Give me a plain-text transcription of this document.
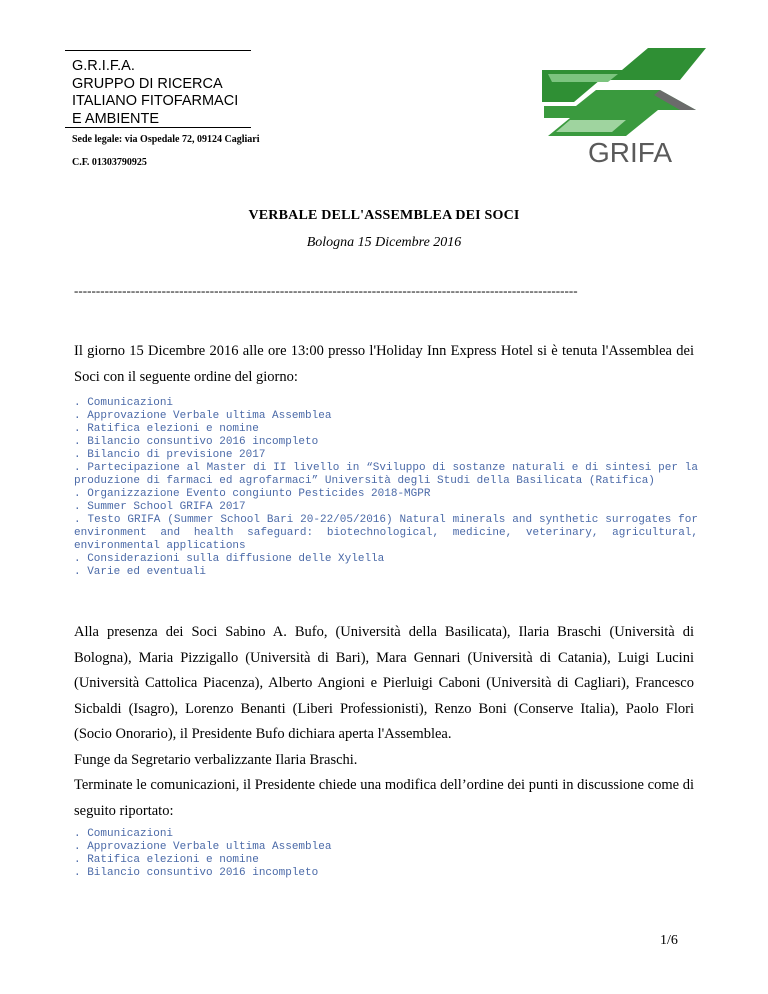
G.R.I.F.A.
GRUPPO DI RICERCA
ITALIANO FITOFARMACI
E AMBIENTE
Sede legale: via Ospedale 72, 09124 Cagliari
C.F. 01303790925	GRIFA
VERBALE DELL'ASSEMBLEA DEI SOCI
Bologna 15 Dicembre 2016
-------------------------------------------------------------------------------------------------------------------

Il giorno 15 Dicembre 2016 alle ore 13:00 presso l'Holiday Inn Express Hotel si è tenuta l'Assemblea dei Soci con il seguente ordine del giorno:

. Comunicazioni
. Approvazione Verbale ultima Assemblea
. Ratifica elezioni e nomine
. Bilancio consuntivo 2016 incompleto
. Bilancio di previsione 2017
. Partecipazione al Master di II livello in “Sviluppo di sostanze naturali e di sintesi per la produzione di farmaci ed agrofarmaci” Università degli Studi della Basilicata (Ratifica)
. Organizzazione Evento congiunto Pesticides 2018-MGPR
. Summer School GRIFA 2017
. Testo GRIFA (Summer School Bari 20-22/05/2016) Natural minerals and synthetic surrogates for environment and health safeguard: biotechnological, medicine, veterinary, agricultural, environmental applications
. Considerazioni sulla diffusione delle Xylella
. Varie ed eventuali

Alla presenza dei Soci Sabino A. Bufo, (Università della Basilicata), Ilaria Braschi (Università di Bologna), Maria Pizzigallo (Università di Bari), Mara Gennari (Università di Catania), Luigi Lucini (Università Cattolica Piacenza), Alberto Angioni e Pierluigi Caboni (Università di Cagliari), Francesco Sicbaldi (Isagro), Lorenzo Benanti (Liberi Professionisti), Renzo Boni (Conserve Italia), Paolo Flori (Socio Onorario), il Presidente Bufo dichiara aperta l'Assemblea.

Funge da Segretario verbalizzante Ilaria Braschi.

Terminate le comunicazioni, il Presidente chiede una modifica dell’ordine dei punti in discussione come di seguito riportato:

. Comunicazioni
. Approvazione Verbale ultima Assemblea
. Ratifica elezioni e nomine
. Bilancio consuntivo 2016 incompleto
1/6
